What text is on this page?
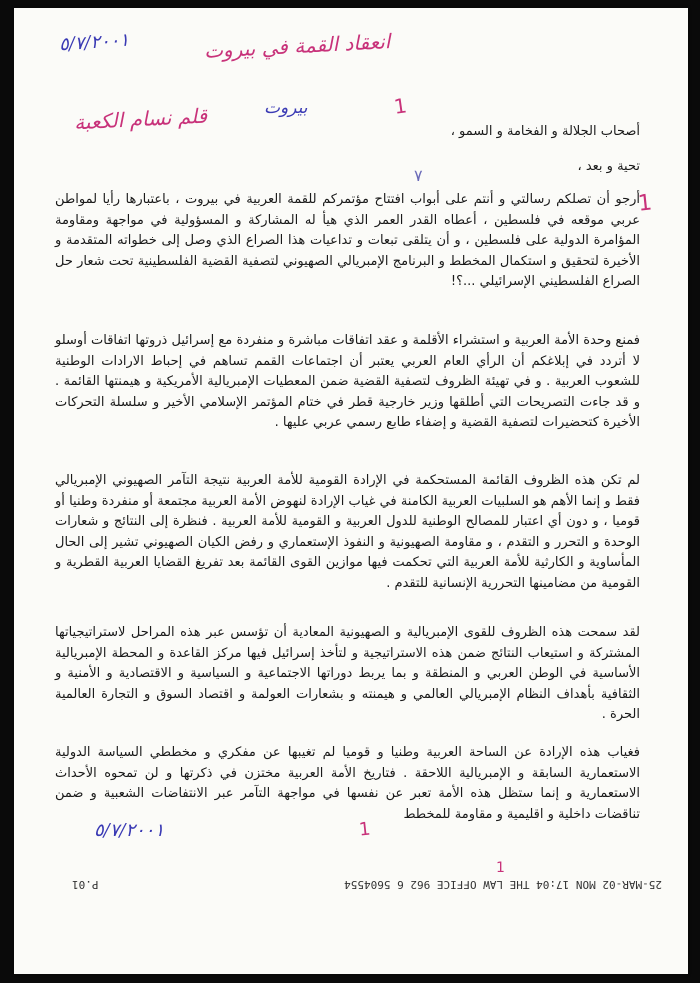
٥/٧/٢٠٠١	انعقاد القمة في بيروت
قلم نسام الكعبة	بيروت
٥/٧/٢٠٠١
1
٧
1
1
1
أصحاب الجلالة و الفخامة و السمو ،
تحية و بعد ،
أرجو أن تصلكم رسالتي و أنتم على أبواب افتتاح مؤتمركم للقمة العربية في بيروت ، باعتبارها رأيا لمواطن عربي موقعه في فلسطين ، أعطاه القدر العمر الذي هيأ له المشاركة و المسؤولية في مواجهة ومقاومة المؤامرة الدولية على فلسطين ، و أن يتلقى تبعات و تداعيات هذا الصراع الذي وصل إلى خطواته المتقدمة و الأخيرة لتحقيق و استكمال المخطط و البرنامج الإمبريالي الصهيوني لتصفية القضية الفلسطينية تحت شعار حل الصراع الفلسطيني الإسرائيلي ...؟!
فمنع وحدة الأمة العربية و استشراء الأقلمة و عقد اتفاقات مباشرة و منفردة مع إسرائيل ذروتها اتفاقات أوسلو لا أتردد في إبلاغكم أن الرأي العام العربي يعتبر أن اجتماعات القمم تساهم في إحباط الارادات الوطنية للشعوب العربية . و في تهيئة الظروف لتصفية القضية ضمن المعطيات الإمبريالية الأمريكية و هيمنتها القائمة . و قد جاءت التصريحات التي أطلقها وزير خارجية قطر في ختام المؤتمر الإسلامي الأخير و سلسلة التحركات الأخيرة كتحضيرات لتصفية القضية و إضفاء طابع رسمي عربي عليها .
لم تكن هذه الظروف القائمة المستحكمة في الإرادة القومية للأمة العربية نتيجة التآمر الصهيوني الإمبريالي فقط و إنما الأهم هو السلبيات العربية الكامنة في غياب الإرادة لنهوض الأمة العربية مجتمعة أو منفردة وطنيا أو قوميا ، و دون أي اعتبار للمصالح الوطنية للدول العربية و القومية للأمة العربية . فنظرة إلى النتائج و شعارات الوحدة و التحرر و التقدم ، و مقاومة الصهيونية و النفوذ الإستعماري و رفض الكيان الصهيوني تشير إلى الحال المأساوية و الكارثية للأمة العربية التي تحكمت فيها موازين القوى القائمة بعد تفريغ القضايا العربية القطرية و القومية من مضامينها التحررية الإنسانية للتقدم .
لقد سمحت هذه الظروف للقوى الإمبريالية و الصهيونية المعادية أن تؤسس عبر هذه المراحل لاستراتيجياتها المشتركة و استيعاب النتائج ضمن هذه الاستراتيجية و لتأخذ إسرائيل فيها مركز القاعدة و المحطة الإمبريالية الأساسية في الوطن العربي و المنطقة و بما يربط دوراتها الاجتماعية و السياسية و الاقتصادية و الأمنية و الثقافية بأهداف النظام الإمبريالي العالمي و هيمنته و بشعارات العولمة و اقتصاد السوق و التجارة العالمية الحرة .
فغياب هذه الإرادة عن الساحة العربية وطنيا و قوميا لم تغيبها عن مفكري و مخططي السياسة الدولية الاستعمارية السابقة و الإمبريالية اللاحقة . فتاريخ الأمة العربية مختزن في ذكرتها و لن تمحوه الأحداث الاستعمارية و إنما ستظل هذه الأمة تعبر عن نفسها في مواجهة التآمر عبر الانتفاضات الشعبية و ضمن تناقضات داخلية و اقليمية و مقاومة للمخطط
25-MAR-02 MON 17:04 THE LAW OFFICE 962 6 5604554
P.01
